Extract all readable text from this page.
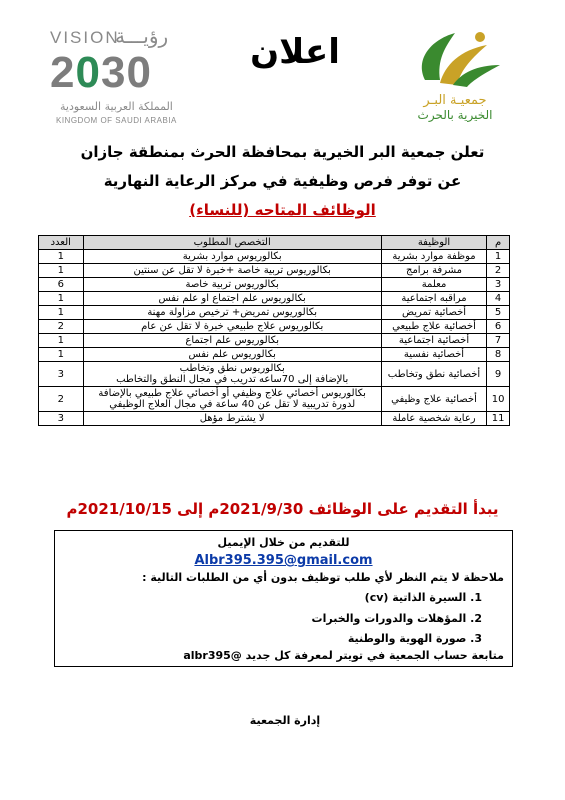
VISION
رؤيـــة
2030
المملكة العربية السعودية
KINGDOM OF SAUDI ARABIA
اعلان
جمعيـة البـر
الخيرية بالحرث
تعلن جمعية البر الخيرية بمحافظة الحرث بمنطقة جازان
عن توفر فرص وظيفية في مركز الرعاية النهارية
الوظائف المتاحه (للنساء)
م	الوظيفة	التخصص المطلوب	العدد
1	موظفة موارد بشرية	بكالوريوس موارد بشرية	1
2	مشرفة برامج	بكالوريوس تربية خاصة +خبرة لا تقل عن سنتين	1
3	معلمة	بكالوريوس تربية خاصة	6
4	مراقبه اجتماعية	بكالوريوس علم اجتماع او علم نفس	1
5	أخصائية تمريض	بكالوريوس تمريض+ ترخيص مزاولة مهنة	1
6	أخصائية علاج طبيعي	بكالوريوس علاج طبيعي خبرة لا تقل عن عام	2
7	أخصائية اجتماعية	بكالوريوس علم اجتماع	1
8	أخصائية نفسية	بكالوريوس علم نفس	1
9	أخصائية نطق وتخاطب	بكالوريوس نطق وتخاطب
بالإضافة إلى 70ساعه تدريب في مجال النطق والتخاطب	3
10	أخصائية علاج وظيفي	بكالوريوس أخصائي علاج وظيفي أو أخصائي علاج طبيعي بالإضافة
لدورة تدريبية لا تقل عن 40 ساعة في مجال العلاج الوظيفي	2
11	رعاية شخصية عاملة	لا يشترط مؤهل	3
يبدأ التقديم على الوظائف 2021/9/30م إلى 2021/10/15م
للتقديم من خلال الإيميل
Albr395.395@gmail.com
ملاحظة لا يتم النظر لأي طلب توظيف بدون أي من الطلبات التالية :
1. السيرة الذاتية (cv)
2. المؤهلات والدورات والخبرات
3. صورة الهوية والوطنية
متابعة حساب الجمعية في تويتر لمعرفة كل جديد @albr395
إدارة الجمعية
